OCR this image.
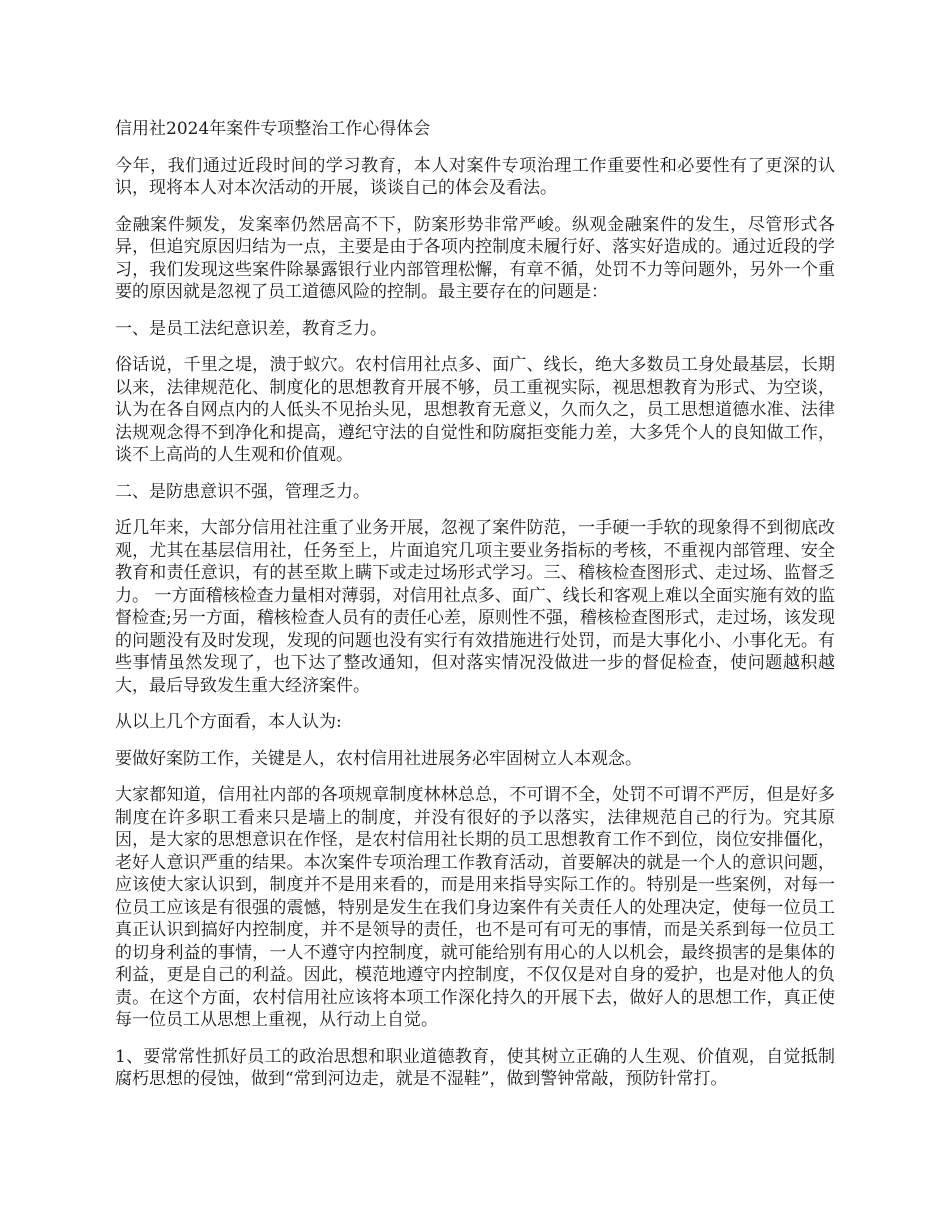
信用社2024年案件专项整治工作心得体会

今年，我们通过近段时间的学习教育，本人对案件专项治理工作重要性和必要性有了更深的认识，现将本人对本次活动的开展，谈谈自己的体会及看法。

金融案件频发，发案率仍然居高不下，防案形势非常严峻。纵观金融案件的发生，尽管形式各异，但追究原因归结为一点，主要是由于各项内控制度未履行好、落实好造成的。通过近段的学习，我们发现这些案件除暴露银行业内部管理松懈，有章不循，处罚不力等问题外，另外一个重要的原因就是忽视了员工道德风险的控制。最主要存在的问题是：

一、是员工法纪意识差，教育乏力。

俗话说，千里之堤，溃于蚁穴。农村信用社点多、面广、线长，绝大多数员工身处最基层，长期以来，法律规范化、制度化的思想教育开展不够，员工重视实际，视思想教育为形式、为空谈，认为在各自网点内的人低头不见抬头见，思想教育无意义，久而久之，员工思想道德水准、法律法规观念得不到净化和提高，遵纪守法的自觉性和防腐拒变能力差，大多凭个人的良知做工作，谈不上高尚的人生观和价值观。

二、是防患意识不强，管理乏力。

近几年来，大部分信用社注重了业务开展，忽视了案件防范，一手硬一手软的现象得不到彻底改观，尤其在基层信用社，任务至上，片面追究几项主要业务指标的考核，不重视内部管理、安全教育和责任意识，有的甚至欺上瞒下或走过场形式学习。三、稽核检查图形式、走过场、监督乏力。 一方面稽核检查力量相对薄弱，对信用社点多、面广、线长和客观上难以全面实施有效的监督检查;另一方面，稽核检查人员有的责任心差，原则性不强，稽核检查图形式，走过场，该发现的问题没有及时发现，发现的问题也没有实行有效措施进行处罚，而是大事化小、小事化无。有些事情虽然发现了，也下达了整改通知，但对落实情况没做进一步的督促检查，使问题越积越大，最后导致发生重大经济案件。

从以上几个方面看，本人认为:

要做好案防工作，关键是人，农村信用社进展务必牢固树立人本观念。

大家都知道，信用社内部的各项规章制度林林总总，不可谓不全，处罚不可谓不严厉，但是好多制度在许多职工看来只是墙上的制度，并没有很好的予以落实，法律规范自己的行为。究其原因，是大家的思想意识在作怪，是农村信用社长期的员工思想教育工作不到位，岗位安排僵化，老好人意识严重的结果。本次案件专项治理工作教育活动，首要解决的就是一个人的意识问题，应该使大家认识到，制度并不是用来看的，而是用来指导实际工作的。特别是一些案例，对每一位员工应该是有很强的震憾，特别是发生在我们身边案件有关责任人的处理决定，使每一位员工真正认识到搞好内控制度，并不是领导的责任，也不是可有可无的事情，而是关系到每一位员工的切身利益的事情，一人不遵守内控制度，就可能给别有用心的人以机会，最终损害的是集体的利益，更是自己的利益。因此，模范地遵守内控制度，不仅仅是对自身的爱护，也是对他人的负责。在这个方面，农村信用社应该将本项工作深化持久的开展下去，做好人的思想工作，真正使每一位员工从思想上重视，从行动上自觉。

1、要常常性抓好员工的政治思想和职业道德教育，使其树立正确的人生观、价值观，自觉抵制腐朽思想的侵蚀，做到“常到河边走，就是不湿鞋”，做到警钟常敲，预防针常打。
